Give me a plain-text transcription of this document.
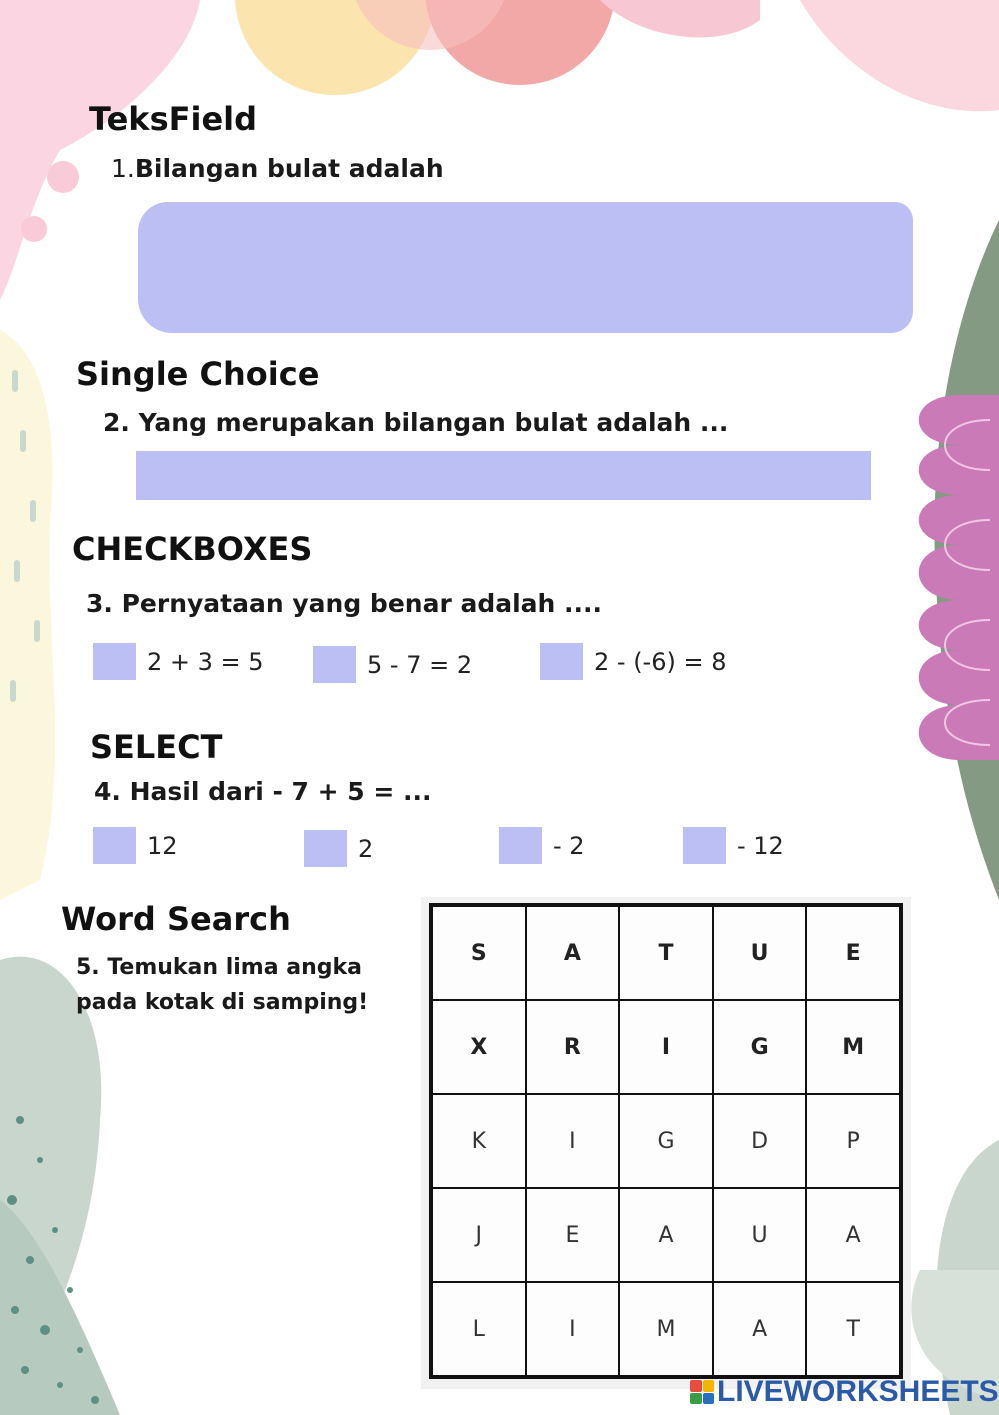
TeksField
1.Bilangan bulat adalah
Single Choice
2. Yang merupakan bilangan bulat adalah ...
CHECKBOXES
3. Pernyataan yang benar adalah ....
2 + 3 = 5	5 - 7 = 2	2 - (-6) = 8
SELECT
4. Hasil dari - 7 + 5 = ...
12	2	- 2	- 12
Word Search
5. Temukan lima angka pada kotak di samping!
S	A	T	U	E
X	R	I	G	M
K	I	G	D	P
J	E	A	U	A
L	I	M	A	T
LIVEWORKSHEETS
